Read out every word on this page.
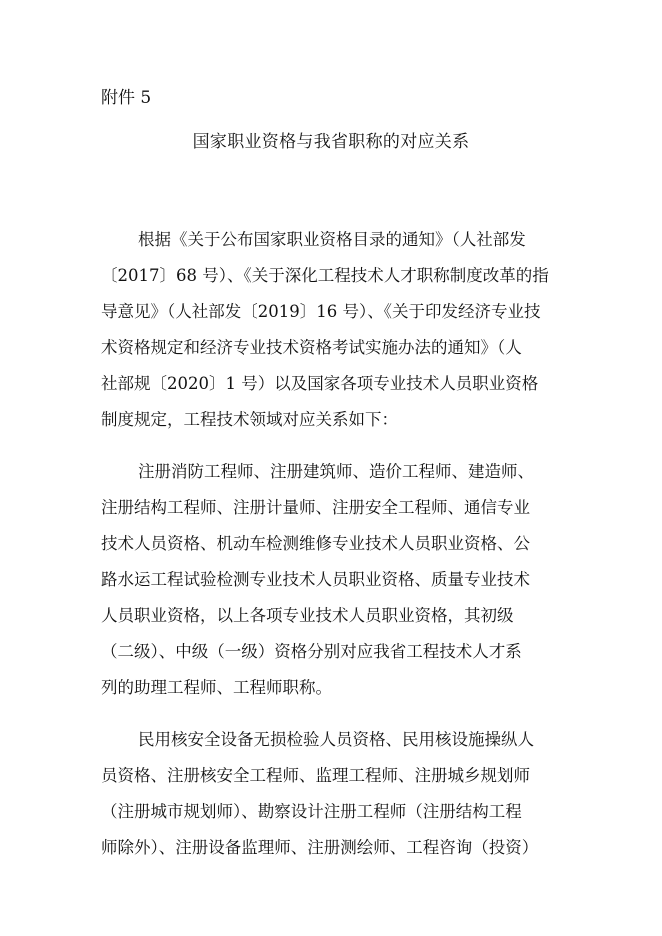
附件 5
国家职业资格与我省职称的对应关系
根据《关于公布国家职业资格目录的通知》（人社部发
〔2017〕68 号）、《关于深化工程技术人才职称制度改革的指
导意见》（人社部发〔2019〕16 号）、《关于印发经济专业技
术资格规定和经济专业技术资格考试实施办法的通知》（人
社部规〔2020〕1 号）以及国家各项专业技术人员职业资格
制度规定，工程技术领域对应关系如下：
注册消防工程师、注册建筑师、造价工程师、建造师、
注册结构工程师、注册计量师、注册安全工程师、通信专业
技术人员资格、机动车检测维修专业技术人员职业资格、公
路水运工程试验检测专业技术人员职业资格、质量专业技术
人员职业资格，以上各项专业技术人员职业资格，其初级
（二级）、中级（一级）资格分别对应我省工程技术人才系
列的助理工程师、工程师职称。
民用核安全设备无损检验人员资格、民用核设施操纵人
员资格、注册核安全工程师、监理工程师、注册城乡规划师
（注册城市规划师）、勘察设计注册工程师（注册结构工程
师除外）、注册设备监理师、注册测绘师、工程咨询（投资）
